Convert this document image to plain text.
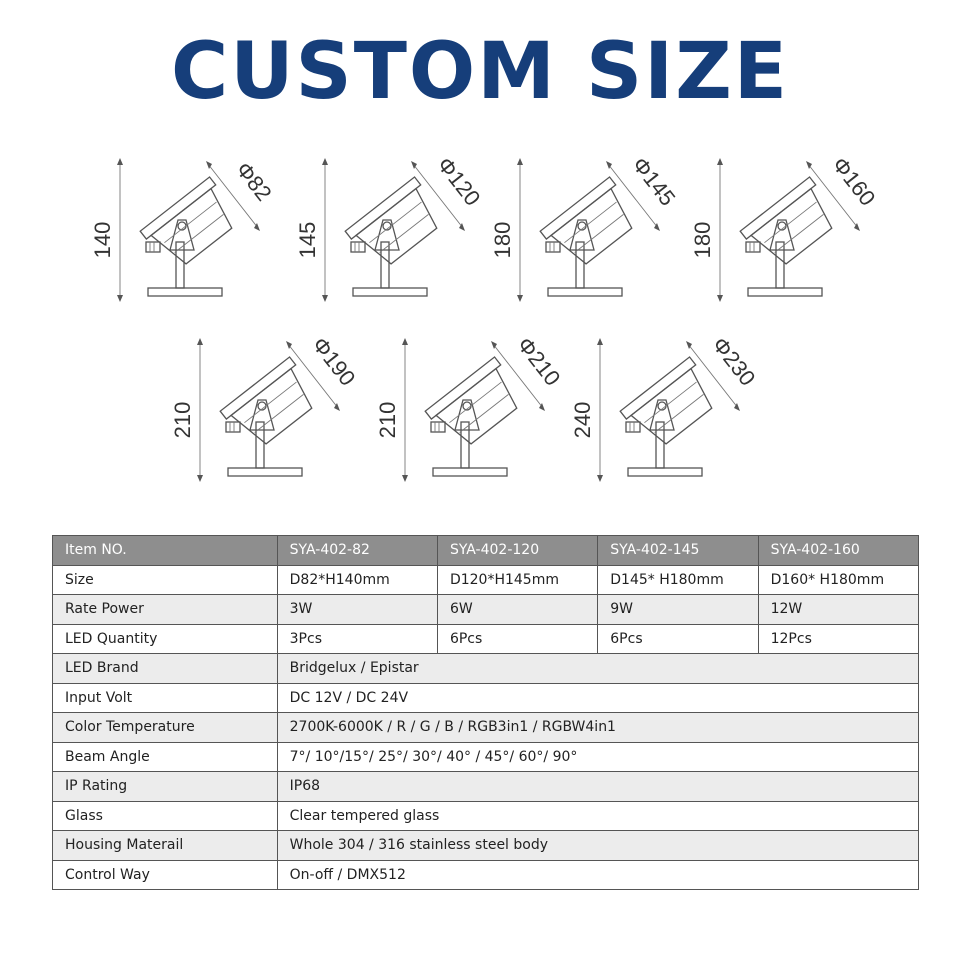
CUSTOM SIZE
Item NO.	SYA-402-82	SYA-402-120	SYA-402-145	SYA-402-160
Size	D82*H140mm	D120*H145mm	D145* H180mm	D160* H180mm
Rate Power	3W	6W	9W	12W
LED Quantity	3Pcs	6Pcs	6Pcs	12Pcs
LED Brand	Bridgelux / Epistar			
Input Volt	DC 12V / DC 24V			
Color Temperature	2700K-6000K / R / G / B / RGB3in1 / RGBW4in1			
Beam Angle	7°/ 10°/15°/ 25°/ 30°/ 40° / 45°/ 60°/ 90°			
IP Rating	IP68			
Glass	Clear tempered glass			
Housing Materail	Whole 304 / 316 stainless steel body			
Control Way	On-off / DMX512			
140
Φ82
145
Φ120
180
Φ145
180
Φ160
210
Φ190
210
Φ210
240
Φ230
